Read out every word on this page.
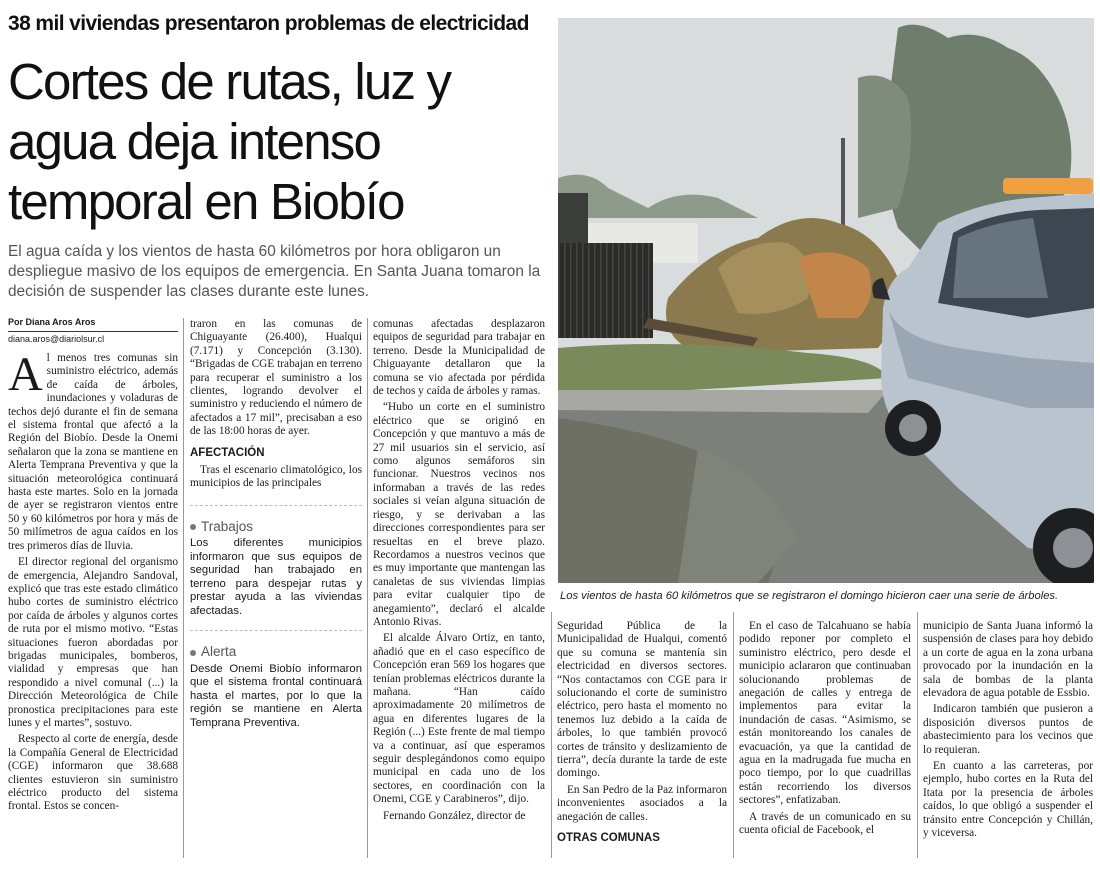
38 mil viviendas presentaron problemas de electricidad
Cortes de rutas, luz y agua deja intenso temporal en Biobío
El agua caída y los vientos de hasta 60 kilómetros por hora obligaron un despliegue masivo de los equipos de emergencia. En Santa Juana tomaron la decisión de suspender las clases durante este lunes.
Por Diana Aros Aros
diana.aros@diariolsur.cl
Los vientos de hasta 60 kilómetros que se registraron el domingo hicieron caer una serie de árboles.

Al menos tres comunas sin suministro eléctrico, además de caída de árboles, inundaciones y voladuras de techos dejó durante el fin de semana el sistema frontal que afectó a la Región del Biobío. Desde la Onemi señalaron que la zona se mantiene en Alerta Temprana Preventiva y que la situación meteorológica continuará hasta este martes. Solo en la jornada de ayer se registraron vientos entre 50 y 60 kilómetros por hora y más de 50 milímetros de agua caídos en los tres primeros días de lluvia.

El director regional del organismo de emergencia, Alejandro Sandoval, explicó que tras este estado climático hubo cortes de suministro eléctrico por caída de árboles y algunos cortes de ruta por el mismo motivo. “Estas situaciones fueron abordadas por brigadas municipales, bomberos, vialidad y empresas que han respondido a nivel comunal (...) la Dirección Meteorológica de Chile pronostica precipitaciones para este lunes y el martes”, sostuvo.

Respecto al corte de energía, desde la Compañía General de Electricidad (CGE) informaron que 38.688 clientes estuvieron sin suministro eléctrico producto del sistema frontal. Estos se concen-

traron en las comunas de Chiguayante (26.400), Hualqui (7.171) y Concepción (3.130). “Brigadas de CGE trabajan en terreno para recuperar el suministro a los clientes, logrando devolver el suministro y reduciendo el número de afectados a 17 mil”, precisaban a eso de las 18:00 horas de ayer.

AFECTACIÓN

Tras el escenario climatológico, los municipios de las principales

Trabajos
Los diferentes municipios informaron que sus equipos de seguridad han trabajado en terreno para despejar rutas y prestar ayuda a las viviendas afectadas.
Alerta
Desde Onemi Biobío informaron que el sistema frontal continuará hasta el martes, por lo que la región se mantiene en Alerta Temprana Preventiva.

comunas afectadas desplazaron equipos de seguridad para trabajar en terreno. Desde la Municipalidad de Chiguayante detallaron que la comuna se vio afectada por pérdida de techos y caída de árboles y ramas.

“Hubo un corte en el suministro eléctrico que se originó en Concepción y que mantuvo a más de 27 mil usuarios sin el servicio, así como algunos semáforos sin funcionar. Nuestros vecinos nos informaban a través de las redes sociales si veían alguna situación de riesgo, y se derivaban a las direcciones correspondientes para ser resueltas en el breve plazo. Recordamos a nuestros vecinos que es muy importante que mantengan las canaletas de sus viviendas limpias para evitar cualquier tipo de anegamiento”, declaró el alcalde Antonio Rivas.

El alcalde Álvaro Ortiz, en tanto, añadió que en el caso específico de Concepción eran 569 los hogares que tenían problemas eléctricos durante la mañana. “Han caído aproximadamente 20 milímetros de agua en diferentes lugares de la Región (...) Este frente de mal tiempo va a continuar, así que esperamos seguir desplegándonos como equipo municipal en cada uno de los sectores, en coordinación con la Onemi, CGE y Carabineros”, dijo.

Fernando González, director de

Seguridad Pública de la Municipalidad de Hualqui, comentó que su comuna se mantenía sin electricidad en diversos sectores. “Nos contactamos con CGE para ir solucionando el corte de suministro eléctrico, pero hasta el momento no tenemos luz debido a la caída de árboles, lo que también provocó cortes de tránsito y deslizamiento de tierra”, decía durante la tarde de este domingo.

En San Pedro de la Paz informaron inconvenientes asociados a la anegación de calles.

OTRAS COMUNAS

En el caso de Talcahuano se había podido reponer por completo el suministro eléctrico, pero desde el municipio aclararon que continuaban solucionando problemas de anegación de calles y entrega de implementos para evitar la inundación de casas. “Asimismo, se están monitoreando los canales de evacuación, ya que la cantidad de agua en la madrugada fue mucha en poco tiempo, por lo que cuadrillas están recorriendo los diversos sectores”, enfatizaban.

A través de un comunicado en su cuenta oficial de Facebook, el

municipio de Santa Juana informó la suspensión de clases para hoy debido a un corte de agua en la zona urbana provocado por la inundación en la sala de bombas de la planta elevadora de agua potable de Essbio.

Indicaron también que pusieron a disposición diversos puntos de abastecimiento para los vecinos que lo requieran.

En cuanto a las carreteras, por ejemplo, hubo cortes en la Ruta del Itata por la presencia de árboles caídos, lo que obligó a suspender el tránsito entre Concepción y Chillán, y viceversa.
